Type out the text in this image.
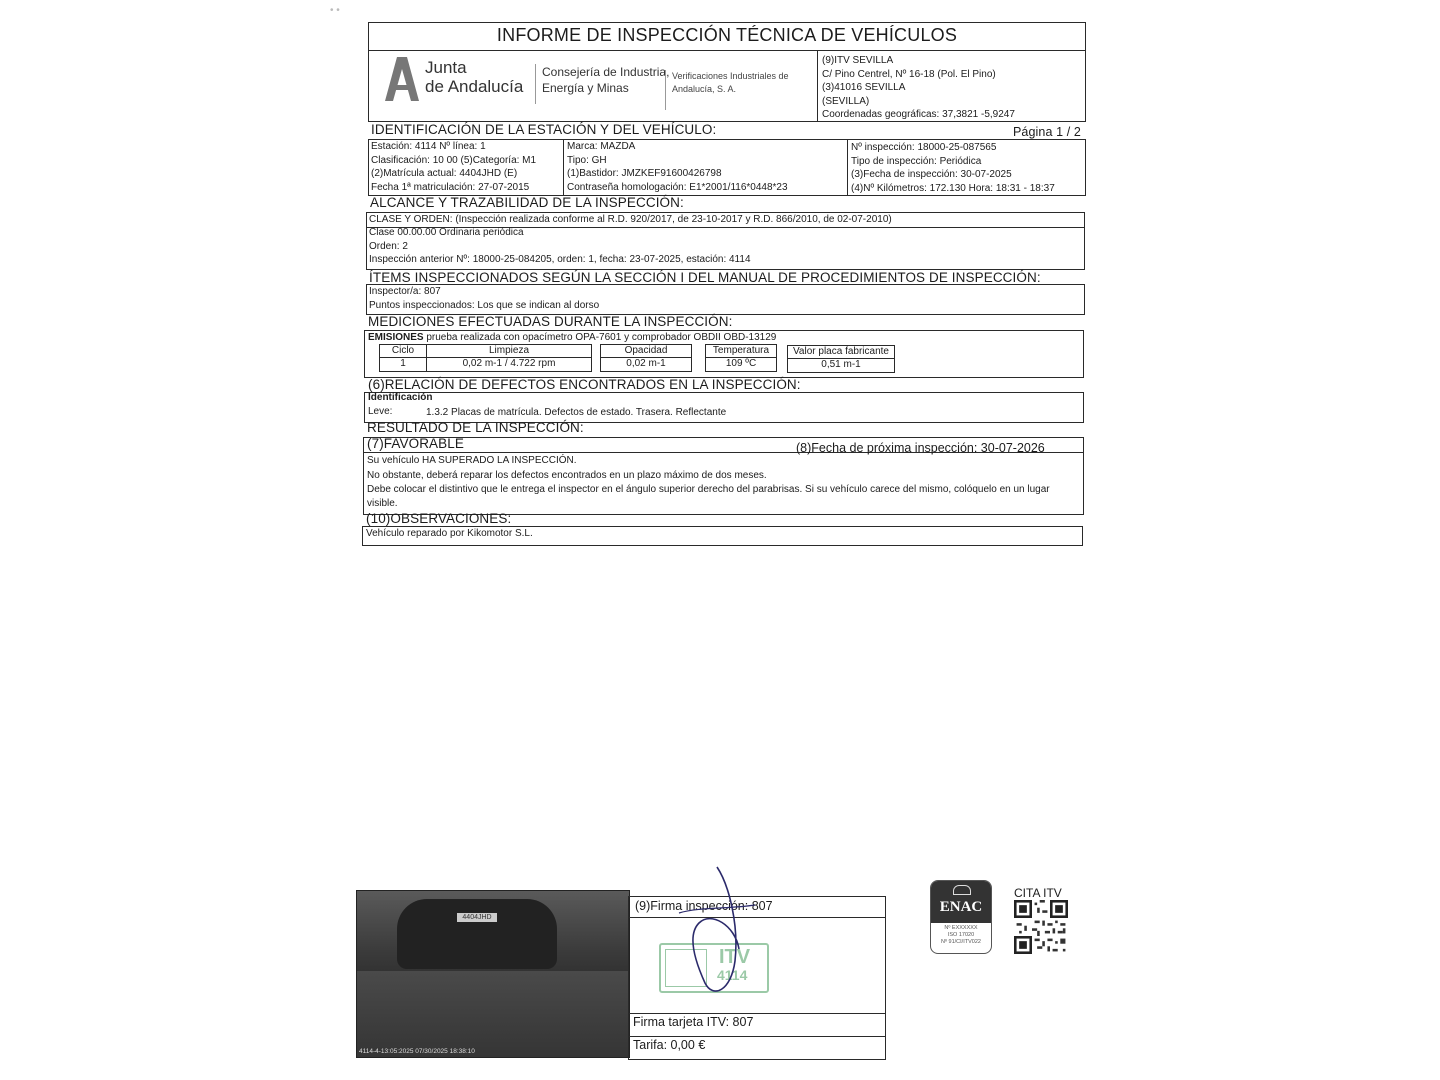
• •
INFORME DE INSPECCIÓN TÉCNICA DE VEHÍCULOS
Junta
de Andalucía
Consejería de Industria,
Energía y Minas
Verificaciones Industriales de
Andalucía, S. A.
(9)ITV SEVILLA
C/ Pino Centrel, Nº 16-18 (Pol. El Pino)
(3)41016 SEVILLA
(SEVILLA)
Coordenadas geográficas: 37,3821 -5,9247
IDENTIFICACIÓN DE LA ESTACIÓN Y DEL VEHÍCULO:	Página 1 / 2
Estación: 4114 Nº línea: 1
Clasificación: 10 00 (5)Categoría: M1
(2)Matrícula actual: 4404JHD (E)
Fecha 1ª matriculación: 27-07-2015
Marca: MAZDA
Tipo: GH
(1)Bastidor: JMZKEF91600426798
Contraseña homologación: E1*2001/116*0448*23
Nº inspección: 18000-25-087565
Tipo de inspección: Periódica
(3)Fecha de inspección: 30-07-2025
(4)Nº Kilómetros: 172.130 Hora: 18:31 - 18:37
ALCANCE Y TRAZABILIDAD DE LA INSPECCIÓN:
CLASE Y ORDEN: (Inspección realizada conforme al R.D. 920/2017, de 23-10-2017 y R.D. 866/2010, de 02-07-2010)
Clase 00.00.00 Ordinaria periódica
Orden: 2
Inspección anterior Nº: 18000-25-084205, orden: 1, fecha: 23-07-2025, estación: 4114
ÍTEMS INSPECCIONADOS SEGÚN LA SECCIÓN I DEL MANUAL DE PROCEDIMIENTOS DE INSPECCIÓN:
Inspector/a: 807
Puntos inspeccionados: Los que se indican al dorso
MEDICIONES EFECTUADAS DURANTE LA INSPECCIÓN:
EMISIONES prueba realizada con opacímetro OPA-7601 y comprobador OBDII OBD-13129
Ciclo	Limpieza	Opacidad	Temperatura	Valor placa fabricante
1	0,02 m-1 / 4.722 rpm	0,02 m-1	109 ºC	0,51 m-1
(6)RELACIÓN DE DEFECTOS ENCONTRADOS EN LA INSPECCIÓN:
Identificación
Leve:	1.3.2 Placas de matrícula. Defectos de estado. Trasera. Reflectante
RESULTADO DE LA INSPECCIÓN:
(7)FAVORABLE	(8)Fecha de próxima inspección: 30-07-2026
Su vehículo HA SUPERADO LA INSPECCIÓN.
No obstante, deberá reparar los defectos encontrados en un plazo máximo de dos meses.
Debe colocar el distintivo que le entrega el inspector en el ángulo superior derecho del parabrisas. Si su vehículo carece del mismo, colóquelo en un lugar
visible.
(10)OBSERVACIONES:
Vehículo reparado por Kikomotor S.L.
4404JHD
4114-4-13:05:2025 07/30/2025 18:38:10
(9)Firma inspección: 807
ITV
4114
Firma tarjeta ITV: 807
Tarifa: 0,00 €
ENAC
Nº EXXXXXX
ISO 17020
Nº 91/CI/ITV022
CITA ITV
